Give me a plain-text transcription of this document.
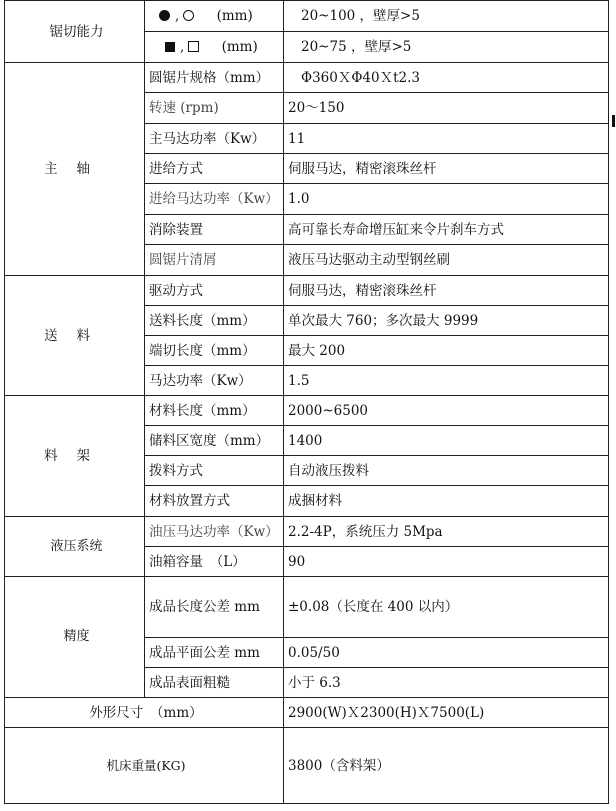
锯切能力	, (mm)	20~100 ，壁厚>5
	, (mm)	20~75 ，壁厚>5
主轴	圆锯片规格（mm）	Φ360ＸΦ40Ｘt2.3
	转速 (rpm)	20～150
	主马达功率（Kw）	11
	进给方式	伺服马达，精密滚珠丝杆
	进给马达功率（Kw）	1.0
	消除装置	高可靠长寿命增压缸来令片刹车方式
	圆锯片清屑	液压马达驱动主动型钢丝刷
送料	驱动方式	伺服马达，精密滚珠丝杆
	送料长度（mm）	单次最大 760；多次最大 9999
	端切长度（mm）	最大 200
	马达功率（Kw）	1.5
料架	材料长度（mm）	2000~6500
	储料区宽度（mm）	1400
	拨料方式	自动液压拨料
	材料放置方式	成捆材料
液压系统	油压马达功率（Kw）	2.2-4P，系统压力 5Mpa
	油箱容量　（L）	90
精度	成品长度公差 mm	±0.08（长度在 400 以内）
	成品平面公差 mm	0.05/50
	成品表面粗糙	小于 6.3
外形尺寸　（mm）		2900(W)Ｘ2300(H)Ｘ7500(L)
机床重量(KG)		3800（含料架）
